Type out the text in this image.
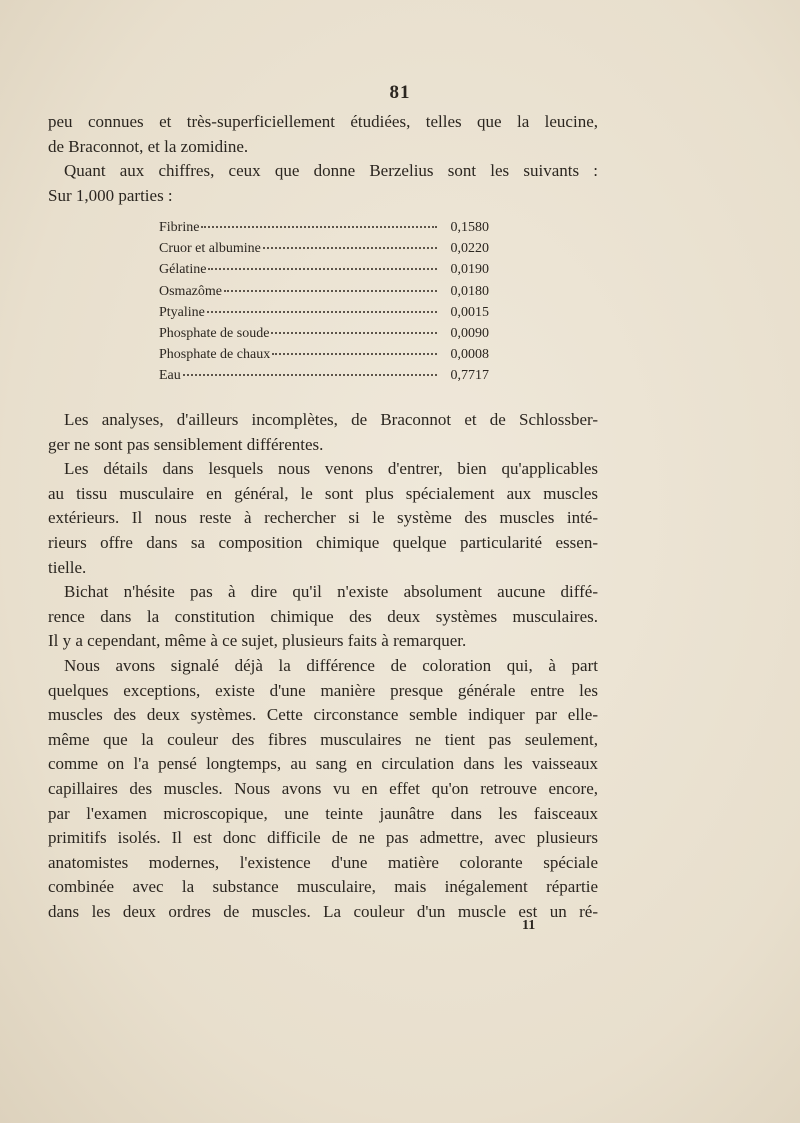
81
peu connues et très-superficiellement étudiées, telles que la leucine,
de Braconnot, et la zomidine.
Quant aux chiffres, ceux que donne Berzelius sont les suivants :
Sur 1,000 parties :
Fibrine	0,1580
Cruor et albumine	0,0220
Gélatine	0,0190
Osmazôme	0,0180
Ptyaline	0,0015
Phosphate de soude	0,0090
Phosphate de chaux	0,0008
Eau	0,7717
Les analyses, d'ailleurs incomplètes, de Braconnot et de Schlossber-
ger ne sont pas sensiblement différentes.
Les détails dans lesquels nous venons d'entrer, bien qu'applicables
au tissu musculaire en général, le sont plus spécialement aux muscles
extérieurs. Il nous reste à rechercher si le système des muscles inté-
rieurs offre dans sa composition chimique quelque particularité essen-
tielle.
Bichat n'hésite pas à dire qu'il n'existe absolument aucune diffé-
rence dans la constitution chimique des deux systèmes musculaires.
Il y a cependant, même à ce sujet, plusieurs faits à remarquer.
Nous avons signalé déjà la différence de coloration qui, à part
quelques exceptions, existe d'une manière presque générale entre les
muscles des deux systèmes. Cette circonstance semble indiquer par elle-
même que la couleur des fibres musculaires ne tient pas seulement,
comme on l'a pensé longtemps, au sang en circulation dans les vaisseaux
capillaires des muscles. Nous avons vu en effet qu'on retrouve encore,
par l'examen microscopique, une teinte jaunâtre dans les faisceaux
primitifs isolés. Il est donc difficile de ne pas admettre, avec plusieurs
anatomistes modernes, l'existence d'une matière colorante spéciale
combinée avec la substance musculaire, mais inégalement répartie
dans les deux ordres de muscles. La couleur d'un muscle est un ré-
11
